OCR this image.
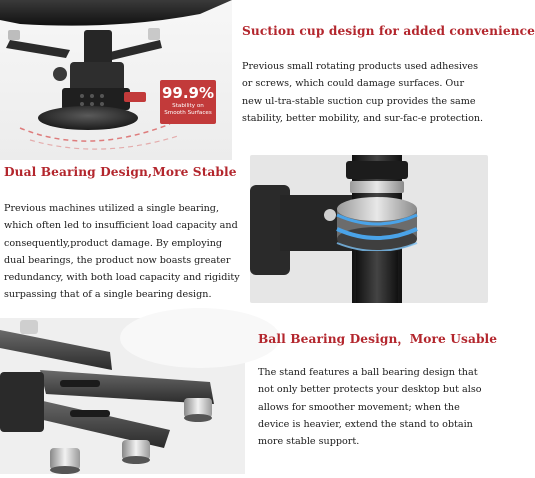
99.9%
Stability on Smooth Surfaces
Suction cup design for added convenience
Previous small rotating products used adhesives or screws, which could damage surfaces. Our new ul-tra-stable suction cup provides the same stability, better mobility, and sur-fac-e protection.
Dual Bearing Design,More Stable
Previous machines utilized a single bearing, which often led to insufficient load capacity and consequently,product damage. By employing dual bearings, the product now boasts greater redundancy, with both load capacity and rigidity surpassing that of a single bearing design.
Ball Bearing Design，More Usable
The stand features a ball bearing design that not only better protects your desktop but also allows for smoother movement; when the device is heavier, extend the stand to obtain more stable support.
